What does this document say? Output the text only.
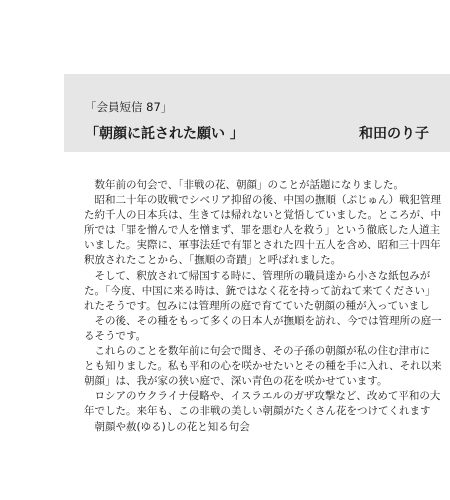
「会員短信 87」
「朝顔に託された願い 」	和田のり子
　数年前の句会で、「非戦の花、朝顔」のことが話題になりました。
　昭和二十年の敗戦でシベリア抑留の後、中国の撫順（ぶじゅん）戦犯管理
た約千人の日本兵は、生きては帰れないと覚悟していました。ところが、中
所では「罪を憎んで人を憎まず、罪を悪む人を救う」という徹底した人道主
いました。実際に、軍事法廷で有罪とされた四十五人を含め、昭和三十四年
釈放されたことから、「撫順の奇蹟」と呼ばれました。
　そして、釈放されて帰国する時に、管理所の職員達から小さな紙包みが
た。「今度、中国に来る時は、銃ではなく花を持って訪ねて来てください」
れたそうです。包みには管理所の庭で育てていた朝顔の種が入っていまし
　その後、その種をもって多くの日本人が撫順を訪れ、今では管理所の庭一
るそうです。
　これらのことを数年前に句会で聞き、その子孫の朝顔が私の住む津市に
とも知りました。私も平和の心を咲かせたいとその種を手に入れ、それ以来
朝顔」は、我が家の狭い庭で、深い青色の花を咲かせています。
　ロシアのウクライナ侵略や、イスラエルのガザ攻撃など、改めて平和の大
年でした。来年も、この非戦の美しい朝顔がたくさん花をつけてくれます
　朝顔や赦(ゆる)しの花と知る句会
